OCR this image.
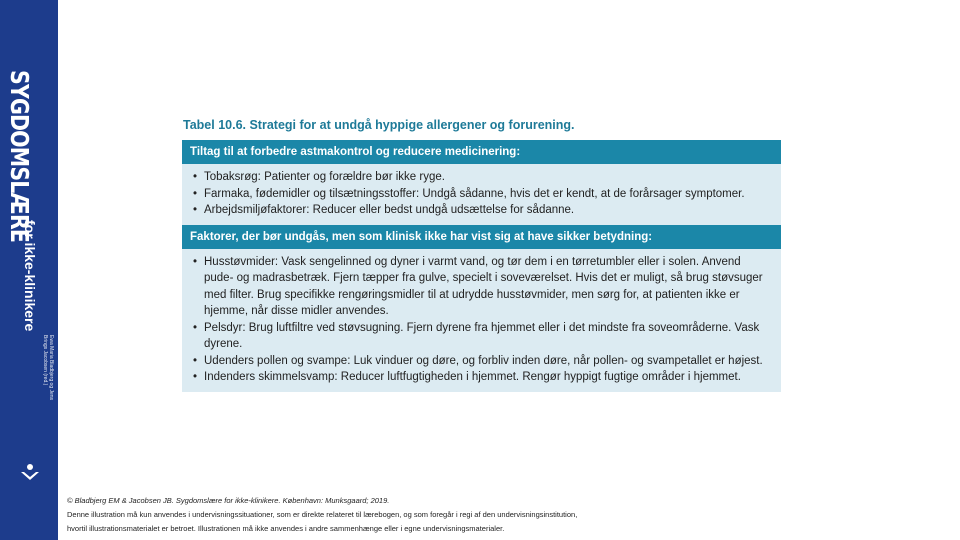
SYGDOMSLÆRE
for ikke-klinikere
Ewa Maria Bladbjerg og Jens Brings Jacobsen (red.)
Tabel 10.6. Strategi for at undgå hyppige allergener og forurening.
Tiltag til at forbedre astmakontrol og reducere medicinering:
• Tobaksrøg: Patienter og forældre bør ikke ryge.
• Farmaka, fødemidler og tilsætningsstoffer: Undgå sådanne, hvis det er kendt, at de forårsager symptomer.
• Arbejdsmiljøfaktorer: Reducer eller bedst undgå udsættelse for sådanne.
Faktorer, der bør undgås, men som klinisk ikke har vist sig at have sikker betydning:
• Husstøvmider: Vask sengelinned og dyner i varmt vand, og tør dem i en tørretumbler eller i solen. Anvend pude- og madrasbetræk. Fjern tæpper fra gulve, specielt i soveværelset. Hvis det er muligt, så brug støvsuger med filter. Brug specifikke rengøringsmidler til at udrydde husstøvmider, men sørg for, at patienten ikke er hjemme, når disse midler anvendes.
• Pelsdyr: Brug luftfiltre ved støvsugning. Fjern dyrene fra hjemmet eller i det mindste fra soveområderne. Vask dyrene.
• Udenders pollen og svampe: Luk vinduer og døre, og forbliv inden døre, når pollen- og svampetallet er højest.
• Indenders skimmelsvamp: Reducer luftfugtigheden i hjemmet. Rengør hyppigt fugtige områder i hjemmet.
© Bladbjerg EM & Jacobsen JB. Sygdomslære for ikke-klinikere. København: Munksgaard; 2019.
Denne illustration må kun anvendes i undervisningssituationer, som er direkte relateret til lærebogen, og som foregår i regi af den undervisningsinstitution,
hvortil illustrationsmaterialet er betroet. Illustrationen må ikke anvendes i andre sammenhænge eller i egne undervisningsmaterialer.
